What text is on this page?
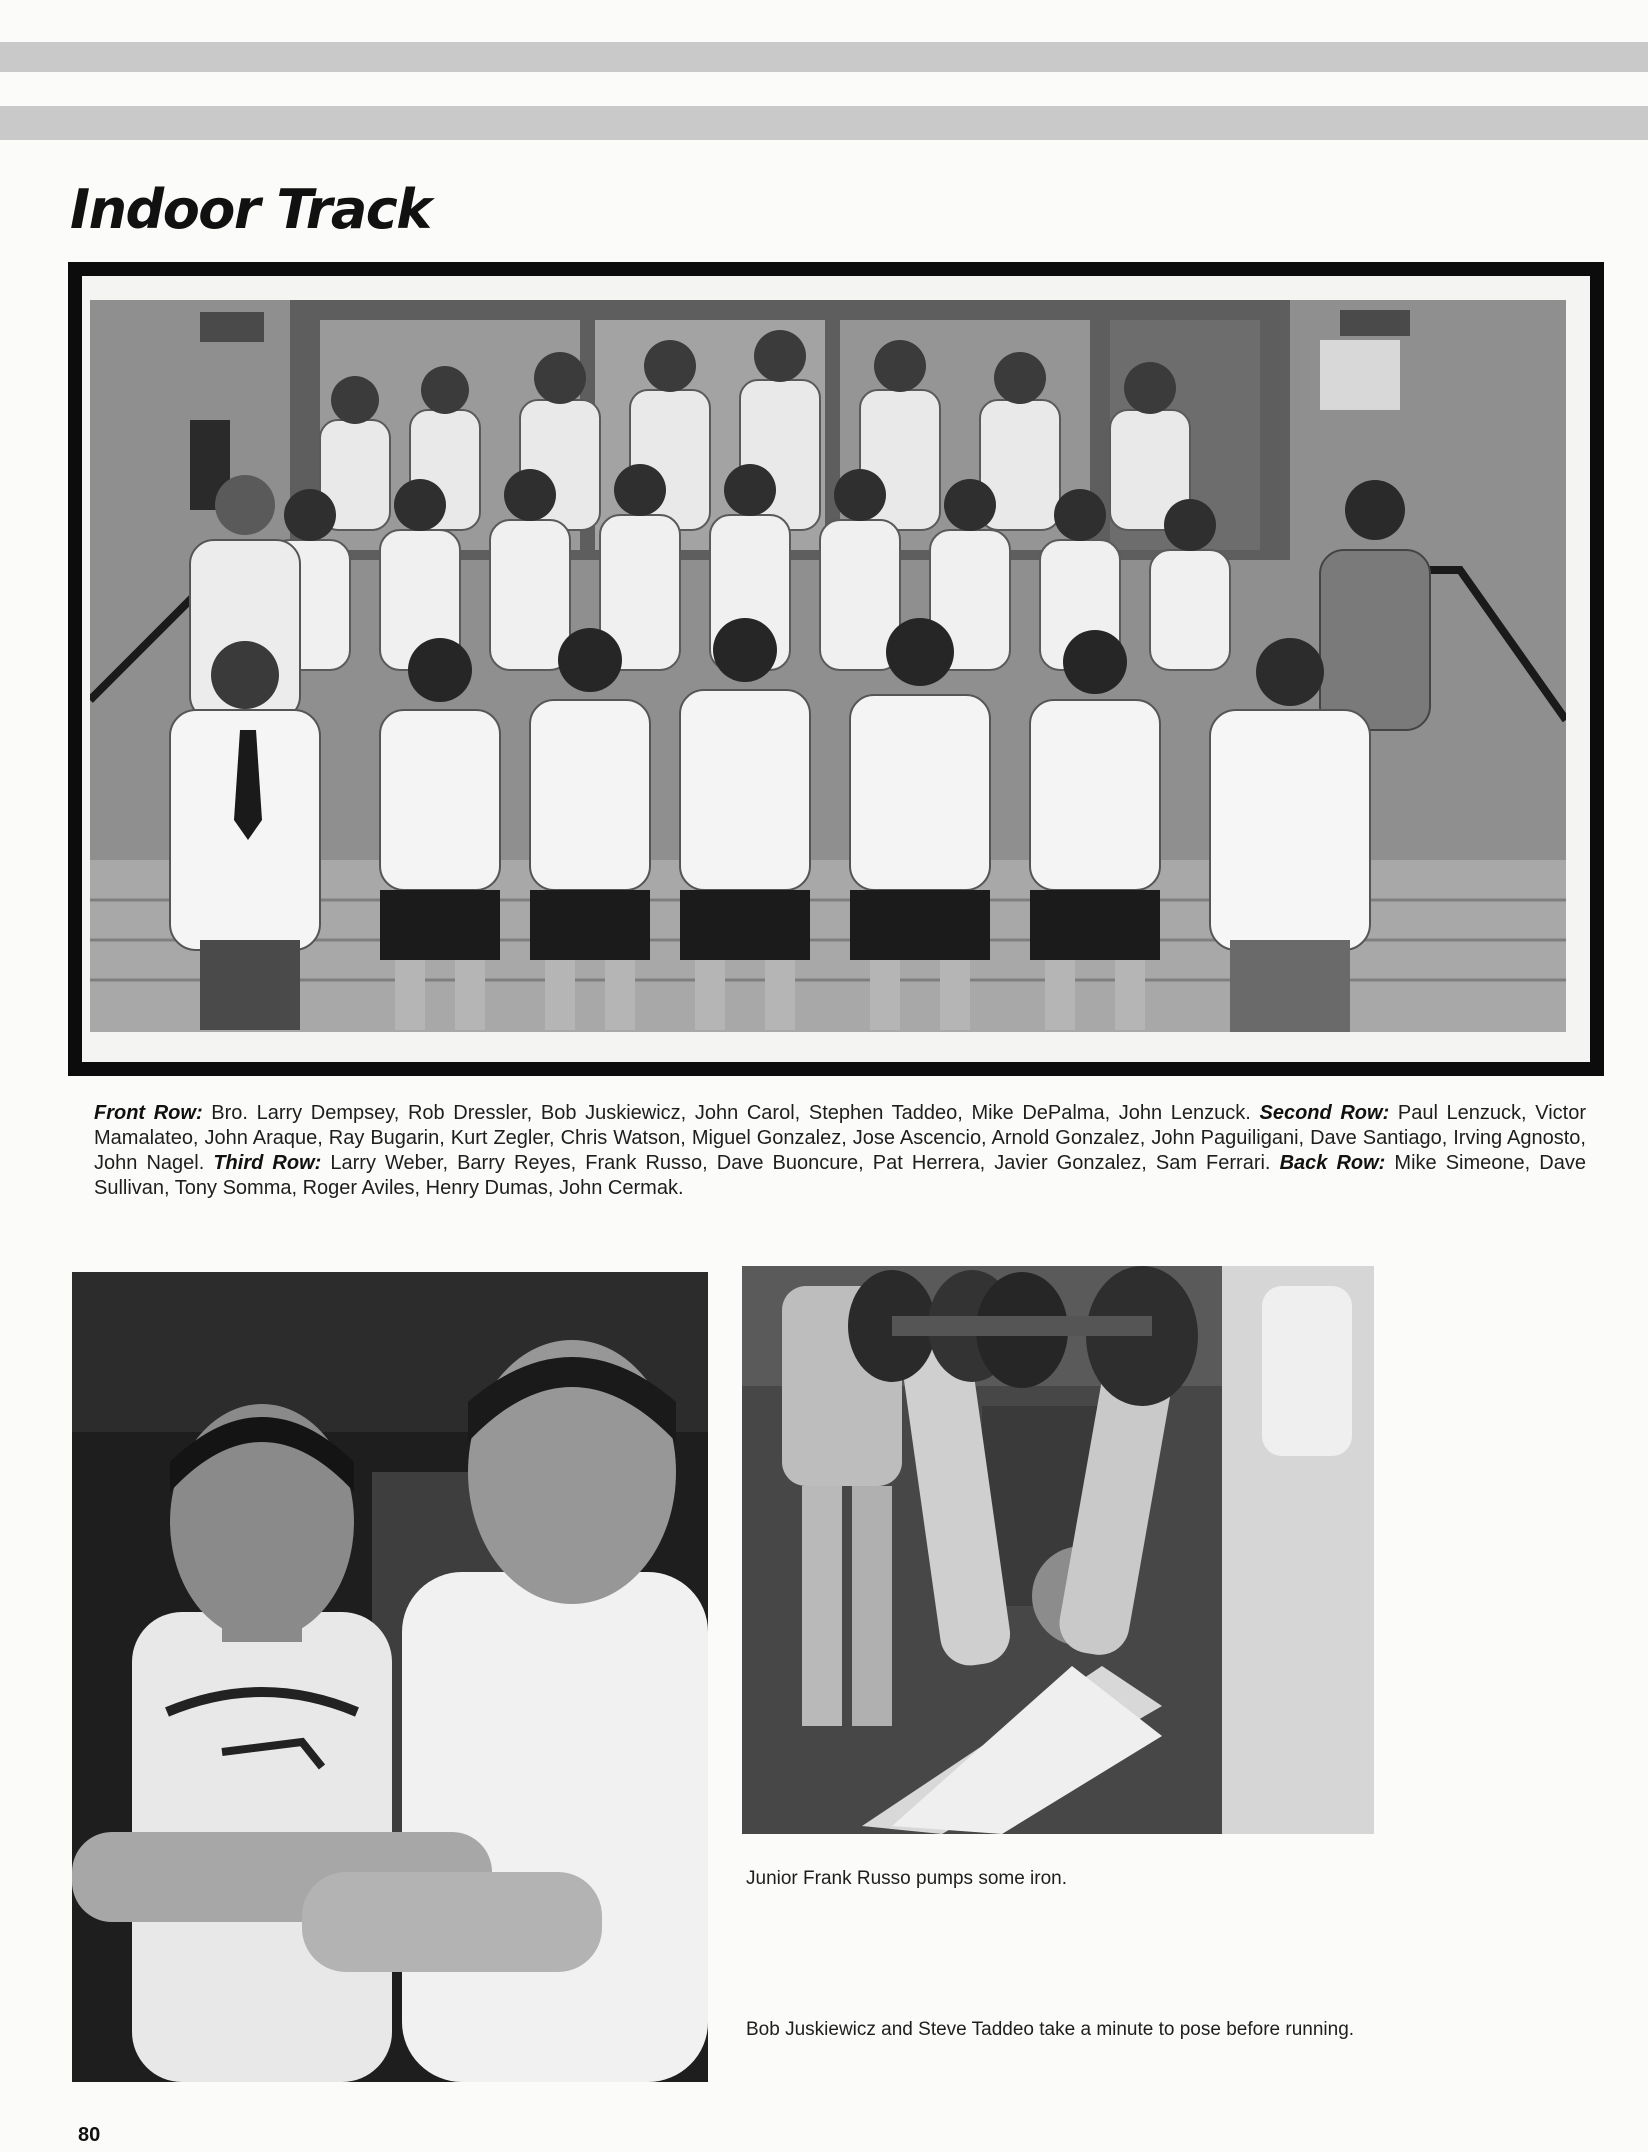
Indoor Track

Front Row: Bro. Larry Dempsey, Rob Dressler, Bob Juskiewicz, John Carol, Stephen Taddeo, Mike DePalma, John Lenzuck. Second Row: Paul Lenzuck, Victor Mamalateo, John Araque, Ray Bugarin, Kurt Zegler, Chris Watson, Miguel Gonzalez, Jose Ascencio, Arnold Gonzalez, John Paguiligani, Dave Santiago, Irving Agnosto, John Nagel. Third Row: Larry Weber, Barry Reyes, Frank Russo, Dave Buoncure, Pat Herrera, Javier Gonzalez, Sam Ferrari. Back Row: Mike Simeone, Dave Sullivan, Tony Somma, Roger Aviles, Henry Dumas, John Cermak.

Junior Frank Russo pumps some iron.

Bob Juskiewicz and Steve Taddeo take a minute to pose before running.

80
